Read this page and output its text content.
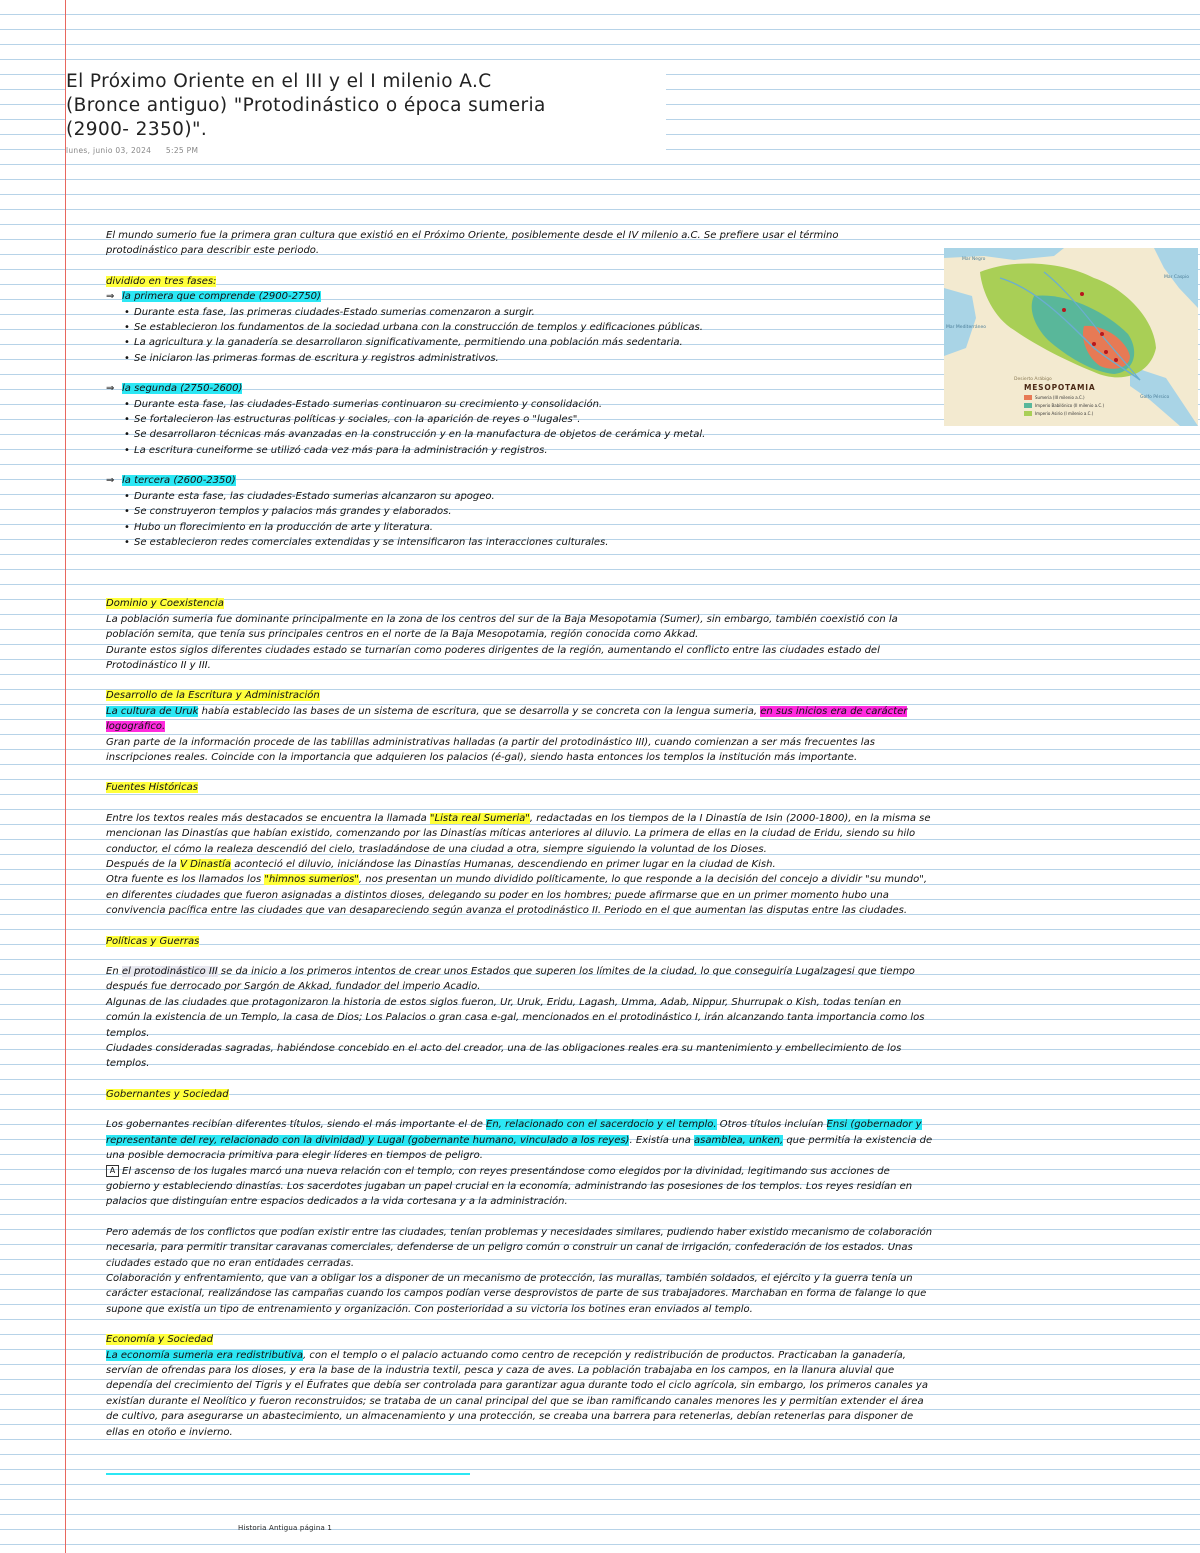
El Próximo Oriente en el III y el I milenio A.C
(Bronce antiguo) "Protodinástico o época sumeria
(2900- 2350)".
lunes, junio 03, 2024 5:25 PM
Mar Negro
Mar Caspio
Mar Mediterráneo
Golfo Pérsico
Desierto Arábigo
MESOPOTAMIA
Sumeria (III milenio a.C.)
Imperio Babilónico (II milenio a.C.)
Imperio Asirio (I milenio a.C.)

El mundo sumerio fue la primera gran cultura que existió en el Próximo Oriente, posiblemente desde el IV milenio a.C. Se prefiere usar el término protodinástico para describir este periodo.

dividido en tres fases:
⇒ la primera que comprende (2900-2750)
• Durante esta fase, las primeras ciudades-Estado sumerias comenzaron a surgir.
• Se establecieron los fundamentos de la sociedad urbana con la construcción de templos y edificaciones públicas.
• La agricultura y la ganadería se desarrollaron significativamente, permitiendo una población más sedentaria.
• Se iniciaron las primeras formas de escritura y registros administrativos.
⇒ la segunda (2750-2600)
• Durante esta fase, las ciudades-Estado sumerias continuaron su crecimiento y consolidación.
• Se fortalecieron las estructuras políticas y sociales, con la aparición de reyes o "lugales".
• Se desarrollaron técnicas más avanzadas en la construcción y en la manufactura de objetos de cerámica y metal.
• La escritura cuneiforme se utilizó cada vez más para la administración y registros.
⇒ la tercera (2600-2350)
• Durante esta fase, las ciudades-Estado sumerias alcanzaron su apogeo.
• Se construyeron templos y palacios más grandes y elaborados.
• Hubo un florecimiento en la producción de arte y literatura.
• Se establecieron redes comerciales extendidas y se intensificaron las interacciones culturales.
Dominio y Coexistencia

La población sumeria fue dominante principalmente en la zona de los centros del sur de la Baja Mesopotamia (Sumer), sin embargo, también coexistió con la población semita, que tenía sus principales centros en el norte de la Baja Mesopotamia, región conocida como Akkad.

Durante estos siglos diferentes ciudades estado se turnarían como poderes dirigentes de la región, aumentando el conflicto entre las ciudades estado del Protodinástico II y III.

Desarrollo de la Escritura y Administración

La cultura de Uruk había establecido las bases de un sistema de escritura, que se desarrolla y se concreta con la lengua sumeria, en sus inicios era de carácter logográfico.

Gran parte de la información procede de las tablillas administrativas halladas (a partir del protodinástico III), cuando comienzan a ser más frecuentes las inscripciones reales. Coincide con la importancia que adquieren los palacios (é-gal), siendo hasta entonces los templos la institución más importante.

Fuentes Históricas

Entre los textos reales más destacados se encuentra la llamada "Lista real Sumeria", redactadas en los tiempos de la I Dinastía de Isin (2000-1800), en la misma se mencionan las Dinastías que habían existido, comenzando por las Dinastías míticas anteriores al diluvio. La primera de ellas en la ciudad de Eridu, siendo su hilo conductor, el cómo la realeza descendió del cielo, trasladándose de una ciudad a otra, siempre siguiendo la voluntad de los Dioses.

Después de la V Dinastía aconteció el diluvio, iniciándose las Dinastías Humanas, descendiendo en primer lugar en la ciudad de Kish.

Otra fuente es los llamados los "himnos sumerios", nos presentan un mundo dividido políticamente, lo que responde a la decisión del concejo a dividir "su mundo", en diferentes ciudades que fueron asignadas a distintos dioses, delegando su poder en los hombres; puede afirmarse que en un primer momento hubo una convivencia pacífica entre las ciudades que van desapareciendo según avanza el protodinástico II. Periodo en el que aumentan las disputas entre las ciudades.

Políticas y Guerras

En el protodinástico III se da inicio a los primeros intentos de crear unos Estados que superen los límites de la ciudad, lo que conseguiría Lugalzagesi que tiempo después fue derrocado por Sargón de Akkad, fundador del imperio Acadio.

Algunas de las ciudades que protagonizaron la historia de estos siglos fueron, Ur, Uruk, Eridu, Lagash, Umma, Adab, Nippur, Shurrupak o Kish, todas tenían en común la existencia de un Templo, la casa de Dios; Los Palacios o gran casa e-gal, mencionados en el protodinástico I, irán alcanzando tanta importancia como los templos.

Ciudades consideradas sagradas, habiéndose concebido en el acto del creador, una de las obligaciones reales era su mantenimiento y embellecimiento de los templos.

Gobernantes y Sociedad

Los gobernantes recibían diferentes títulos, siendo el más importante el de En, relacionado con el sacerdocio y el templo. Otros títulos incluían Ensi (gobernador y representante del rey, relacionado con la divinidad) y Lugal (gobernante humano, vinculado a los reyes). Existía una asamblea, unken, que permitía la existencia de una posible democracia primitiva para elegir líderes en tiempos de peligro.

A El ascenso de los lugales marcó una nueva relación con el templo, con reyes presentándose como elegidos por la divinidad, legitimando sus acciones de gobierno y estableciendo dinastías. Los sacerdotes jugaban un papel crucial en la economía, administrando las posesiones de los templos. Los reyes residían en palacios que distinguían entre espacios dedicados a la vida cortesana y a la administración.

Pero además de los conflictos que podían existir entre las ciudades, tenían problemas y necesidades similares, pudiendo haber existido mecanismo de colaboración necesaria, para permitir transitar caravanas comerciales, defenderse de un peligro común o construir un canal de irrigación, confederación de los estados. Unas ciudades estado que no eran entidades cerradas.

Colaboración y enfrentamiento, que van a obligar los a disponer de un mecanismo de protección, las murallas, también soldados, el ejército y la guerra tenía un carácter estacional, realizándose las campañas cuando los campos podían verse desprovistos de parte de sus trabajadores. Marchaban en forma de falange lo que supone que existía un tipo de entrenamiento y organización. Con posterioridad a su victoria los botines eran enviados al templo.

Economía y Sociedad

La economía sumeria era redistributiva, con el templo o el palacio actuando como centro de recepción y redistribución de productos. Practicaban la ganadería, servían de ofrendas para los dioses, y era la base de la industria textil, pesca y caza de aves. La población trabajaba en los campos, en la llanura aluvial que dependía del crecimiento del Tigris y el Éufrates que debía ser controlada para garantizar agua durante todo el ciclo agrícola, sin embargo, los primeros canales ya existían durante el Neolítico y fueron reconstruidos; se trataba de un canal principal del que se iban ramificando canales menores les y permitían extender el área de cultivo, para asegurarse un abastecimiento, un almacenamiento y una protección, se creaba una barrera para retenerlas, debían retenerlas para disponer de ellas en otoño e invierno.

Historia Antigua página 1
